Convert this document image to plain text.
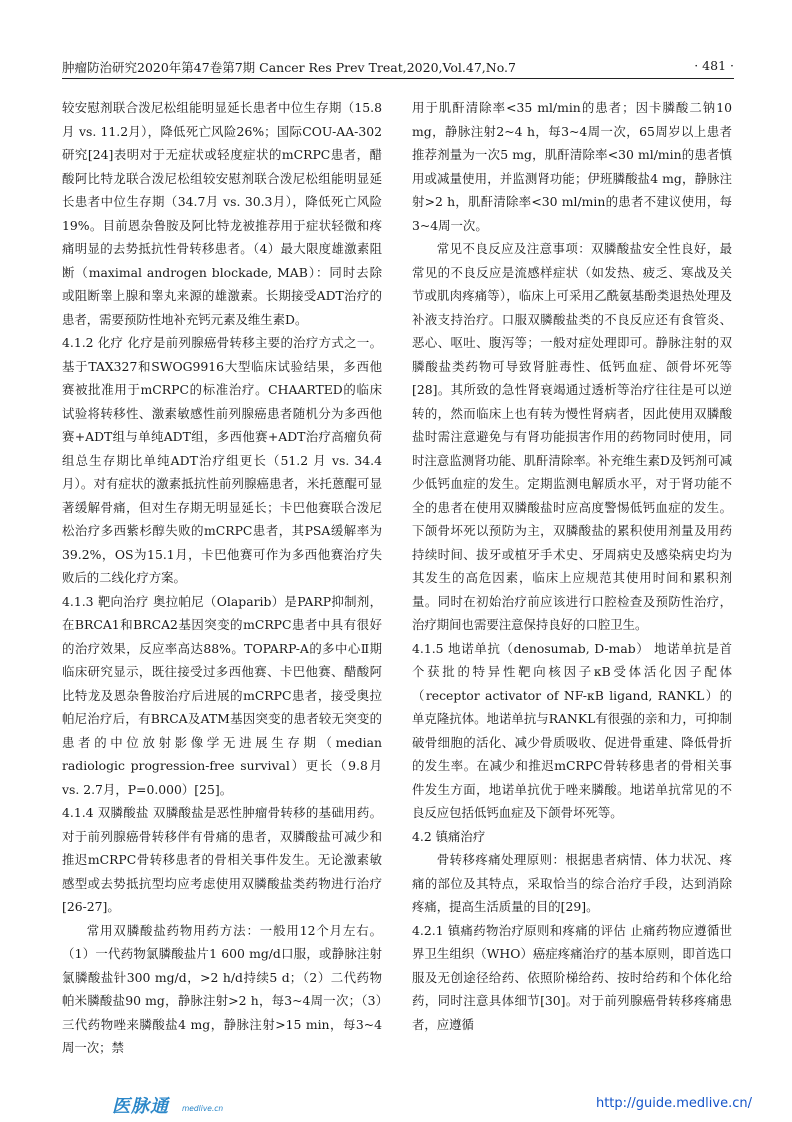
肿瘤防治研究2020年第47卷第7期 Cancer Res Prev Treat,2020,Vol.47,No.7	· 481 ·

较安慰剂联合泼尼松组能明显延长患者中位生存期（15.8月 vs. 11.2月），降低死亡风险26%；国际COU-AA-302研究[24]表明对于无症状或轻度症状的mCRPC患者，醋酸阿比特龙联合泼尼松组较安慰剂联合泼尼松组能明显延长患者中位生存期（34.7月 vs. 30.3月），降低死亡风险19%。目前恩杂鲁胺及阿比特龙被推荐用于症状轻微和疼痛明显的去势抵抗性骨转移患者。（4）最大限度雄激素阻断（maximal androgen blockade, MAB）：同时去除或阻断睾上腺和睾丸来源的雄激素。长期接受ADT治疗的患者，需要预防性地补充钙元素及维生素D。

4.1.2 化疗 化疗是前列腺癌骨转移主要的治疗方式之一。基于TAX327和SWOG9916大型临床试验结果，多西他赛被批准用于mCRPC的标准治疗。CHAARTED的临床试验将转移性、激素敏感性前列腺癌患者随机分为多西他赛+ADT组与单纯ADT组，多西他赛+ADT治疗高瘤负荷组总生存期比单纯ADT治疗组更长（51.2 月 vs. 34.4 月）。对有症状的激素抵抗性前列腺癌患者，米托蒽醌可显著缓解骨痛，但对生存期无明显延长；卡巴他赛联合泼尼松治疗多西紫杉醇失败的mCRPC患者，其PSA缓解率为39.2%，OS为15.1月，卡巴他赛可作为多西他赛治疗失败后的二线化疗方案。

4.1.3 靶向治疗 奥拉帕尼（Olaparib）是PARP抑制剂，在BRCA1和BRCA2基因突变的mCRPC患者中具有很好的治疗效果，反应率高达88%。TOPARP-A的多中心Ⅱ期临床研究显示，既往接受过多西他赛、卡巴他赛、醋酸阿比特龙及恩杂鲁胺治疗后进展的mCRPC患者，接受奥拉帕尼治疗后，有BRCA及ATM基因突变的患者较无突变的患者的中位放射影像学无进展生存期（median radiologic progression-free survival）更长（9.8月vs. 2.7月，P=0.000）[25]。

4.1.4 双膦酸盐 双膦酸盐是恶性肿瘤骨转移的基础用药。对于前列腺癌骨转移伴有骨痛的患者，双膦酸盐可减少和推迟mCRPC骨转移患者的骨相关事件发生。无论激素敏感型或去势抵抗型均应考虑使用双膦酸盐类药物进行治疗[26-27]。

常用双膦酸盐药物用药方法：一般用12个月左右。（1）一代药物氯膦酸盐片1 600 mg/d口服，或静脉注射氯膦酸盐针300 mg/d，>2 h/d持续5 d；（2）二代药物帕米膦酸盐90 mg，静脉注射>2 h，每3~4周一次；（3）三代药物唑来膦酸盐4 mg，静脉注射>15 min，每3~4周一次；禁

用于肌酐清除率<35 ml/min的患者；因卡膦酸二钠10 mg，静脉注射2~4 h，每3~4周一次，65周岁以上患者推荐剂量为一次5 mg，肌酐清除率<30 ml/min的患者慎用或减量使用，并监测肾功能；伊班膦酸盐4 mg，静脉注射>2 h，肌酐清除率<30 ml/min的患者不建议使用，每3~4周一次。

常见不良反应及注意事项：双膦酸盐安全性良好，最常见的不良反应是流感样症状（如发热、疲乏、寒战及关节或肌肉疼痛等），临床上可采用乙酰氨基酚类退热处理及补液支持治疗。口服双膦酸盐类的不良反应还有食管炎、恶心、呕吐、腹泻等；一般对症处理即可。静脉注射的双膦酸盐类药物可导致肾脏毒性、低钙血症、颌骨坏死等[28]。其所致的急性肾衰竭通过透析等治疗往往是可以逆转的，然而临床上也有转为慢性肾病者，因此使用双膦酸盐时需注意避免与有肾功能损害作用的药物同时使用，同时注意监测肾功能、肌酐清除率。补充维生素D及钙剂可减少低钙血症的发生。定期监测电解质水平，对于肾功能不全的患者在使用双膦酸盐时应高度警惕低钙血症的发生。下颌骨坏死以预防为主，双膦酸盐的累积使用剂量及用药持续时间、拔牙或植牙手术史、牙周病史及感染病史均为其发生的高危因素，临床上应规范其使用时间和累积剂量。同时在初始治疗前应该进行口腔检查及预防性治疗，治疗期间也需要注意保持良好的口腔卫生。

4.1.5 地诺单抗（denosumab, D-mab） 地诺单抗是首个获批的特异性靶向核因子κB受体活化因子配体（receptor activator of NF-κB ligand, RANKL）的单克隆抗体。地诺单抗与RANKL有很强的亲和力，可抑制破骨细胞的活化、减少骨质吸收、促进骨重建、降低骨折的发生率。在减少和推迟mCRPC骨转移患者的骨相关事件发生方面，地诺单抗优于唑来膦酸。地诺单抗常见的不良反应包括低钙血症及下颌骨坏死等。

4.2 镇痛治疗

骨转移疼痛处理原则：根据患者病情、体力状况、疼痛的部位及其特点，采取恰当的综合治疗手段，达到消除疼痛，提高生活质量的目的[29]。

4.2.1 镇痛药物治疗原则和疼痛的评估 止痛药物应遵循世界卫生组织（WHO）癌症疼痛治疗的基本原则，即首选口服及无创途径给药、依照阶梯给药、按时给药和个体化给药，同时注意具体细节[30]。对于前列腺癌骨转移疼痛患者，应遵循

医脉通 medlive.cn	http://guide.medlive.cn/
